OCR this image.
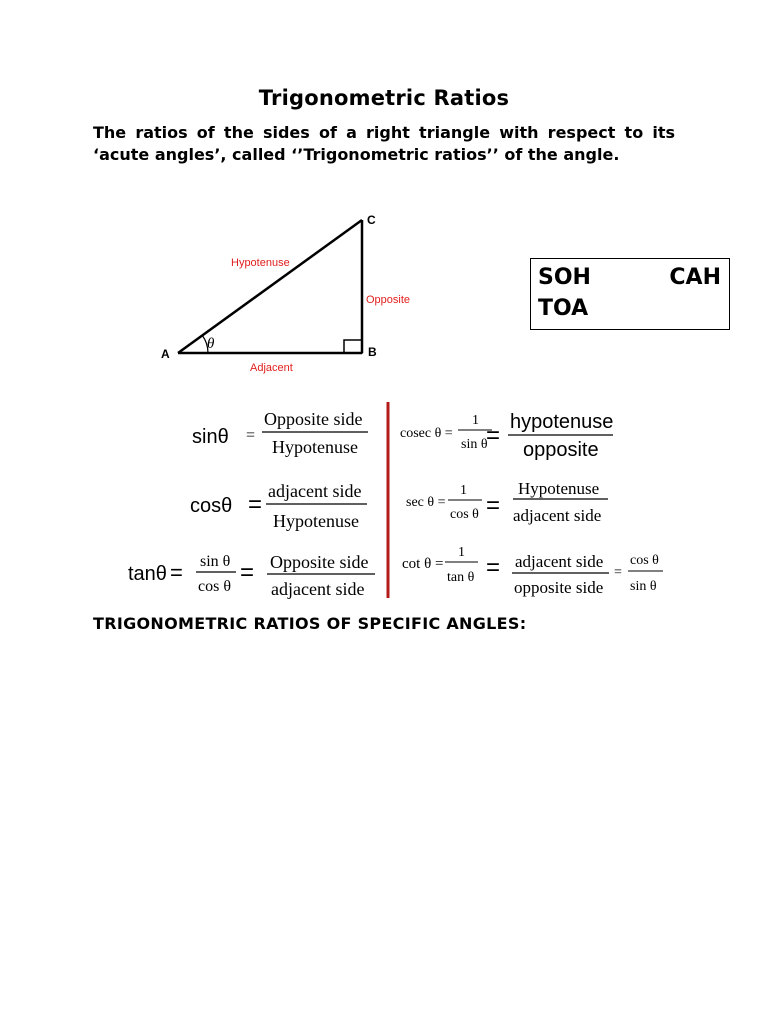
Trigonometric Ratios
The ratios of the sides of a right triangle with respect to its ‘acute angles’, called ‘’Trigonometric ratios’’ of the angle.
θ
A	B
C
Hypotenuse
Opposite
Adjacent
SOH	CAH
TOA
sinθ =
Opposite side
Hypotenuse
cosθ = adjacent side
Hypotenuse
tanθ = sin θ
cos θ
= Opposite side
adjacent side
cosec θ =
1
sin θ
= hypotenuse
opposite
sec θ =
1
cos θ =
Hypotenuse
adjacent side
cot θ =
1
tan θ = adjacent side
opposite side
=
cos θ
sin θ
TRIGONOMETRIC RATIOS OF SPECIFIC ANGLES:
